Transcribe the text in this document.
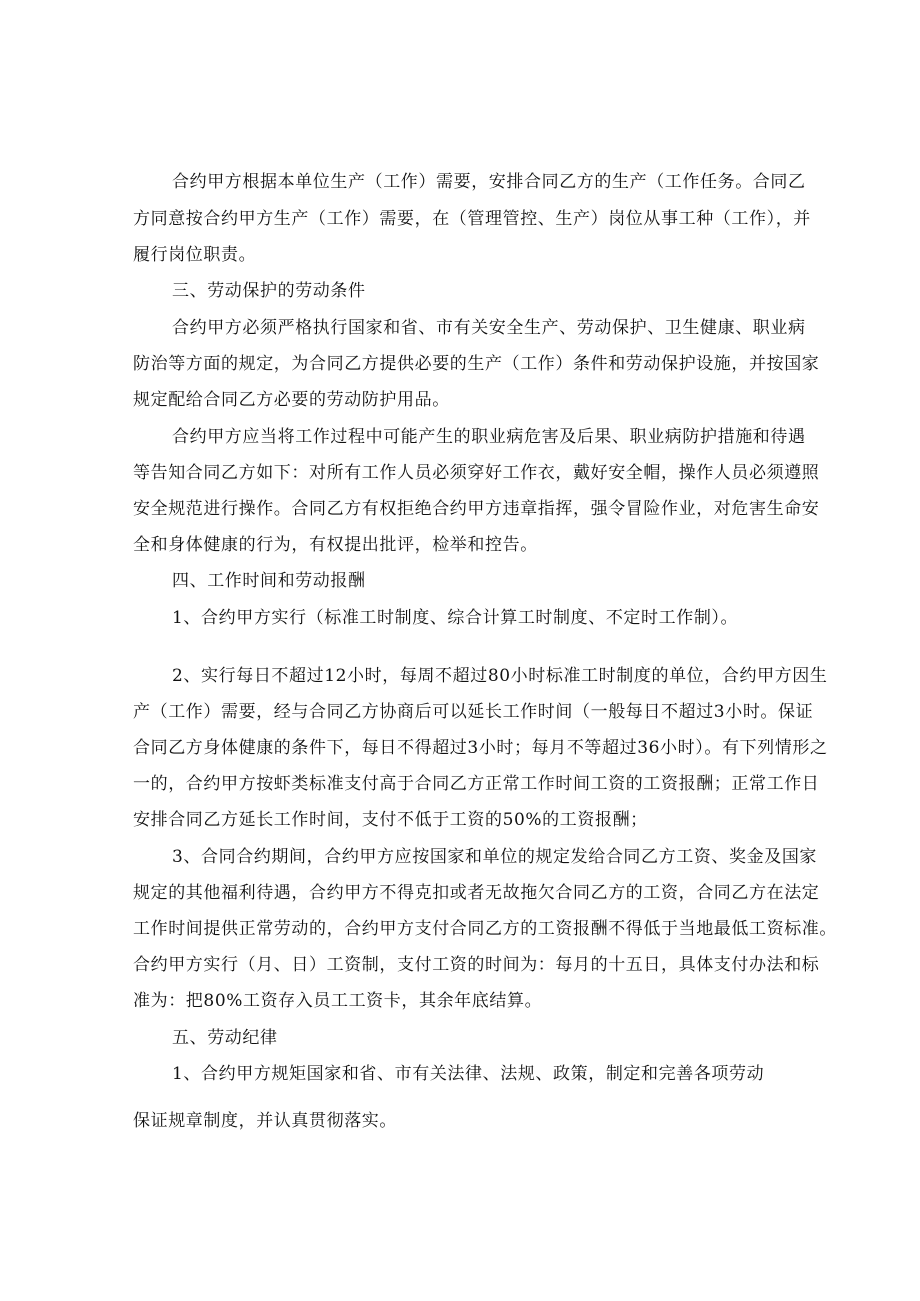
合约甲方根据本单位生产（工作）需要，安排合同乙方的生产（工作任务。合同乙
方同意按合约甲方生产（工作）需要，在（管理管控、生产）岗位从事工种（工作），并
履行岗位职责。
三、劳动保护的劳动条件
合约甲方必须严格执行国家和省、市有关安全生产、劳动保护、卫生健康、职业病
防治等方面的规定，为合同乙方提供必要的生产（工作）条件和劳动保护设施，并按国家
规定配给合同乙方必要的劳动防护用品。
合约甲方应当将工作过程中可能产生的职业病危害及后果、职业病防护措施和待遇
等告知合同乙方如下：对所有工作人员必须穿好工作衣，戴好安全帽，操作人员必须遵照
安全规范进行操作。合同乙方有权拒绝合约甲方违章指挥，强令冒险作业，对危害生命安
全和身体健康的行为，有权提出批评，检举和控告。
四、工作时间和劳动报酬
1、合约甲方实行（标准工时制度、综合计算工时制度、不定时工作制）。
2、实行每日不超过12小时，每周不超过80小时标准工时制度的单位，合约甲方因生
产（工作）需要，经与合同乙方协商后可以延长工作时间（一般每日不超过3小时。保证
合同乙方身体健康的条件下，每日不得超过3小时；每月不等超过36小时）。有下列情形之
一的，合约甲方按虾类标准支付高于合同乙方正常工作时间工资的工资报酬；正常工作日
安排合同乙方延长工作时间，支付不低于工资的50%的工资报酬；
3、合同合约期间，合约甲方应按国家和单位的规定发给合同乙方工资、奖金及国家
规定的其他福利待遇，合约甲方不得克扣或者无故拖欠合同乙方的工资，合同乙方在法定
工作时间提供正常劳动的，合约甲方支付合同乙方的工资报酬不得低于当地最低工资标准。
合约甲方实行（月、日）工资制，支付工资的时间为：每月的十五日，具体支付办法和标
准为：把80%工资存入员工工资卡，其余年底结算。
五、劳动纪律
1、合约甲方规矩国家和省、市有关法律、法规、政策，制定和完善各项劳动
保证规章制度，并认真贯彻落实。
